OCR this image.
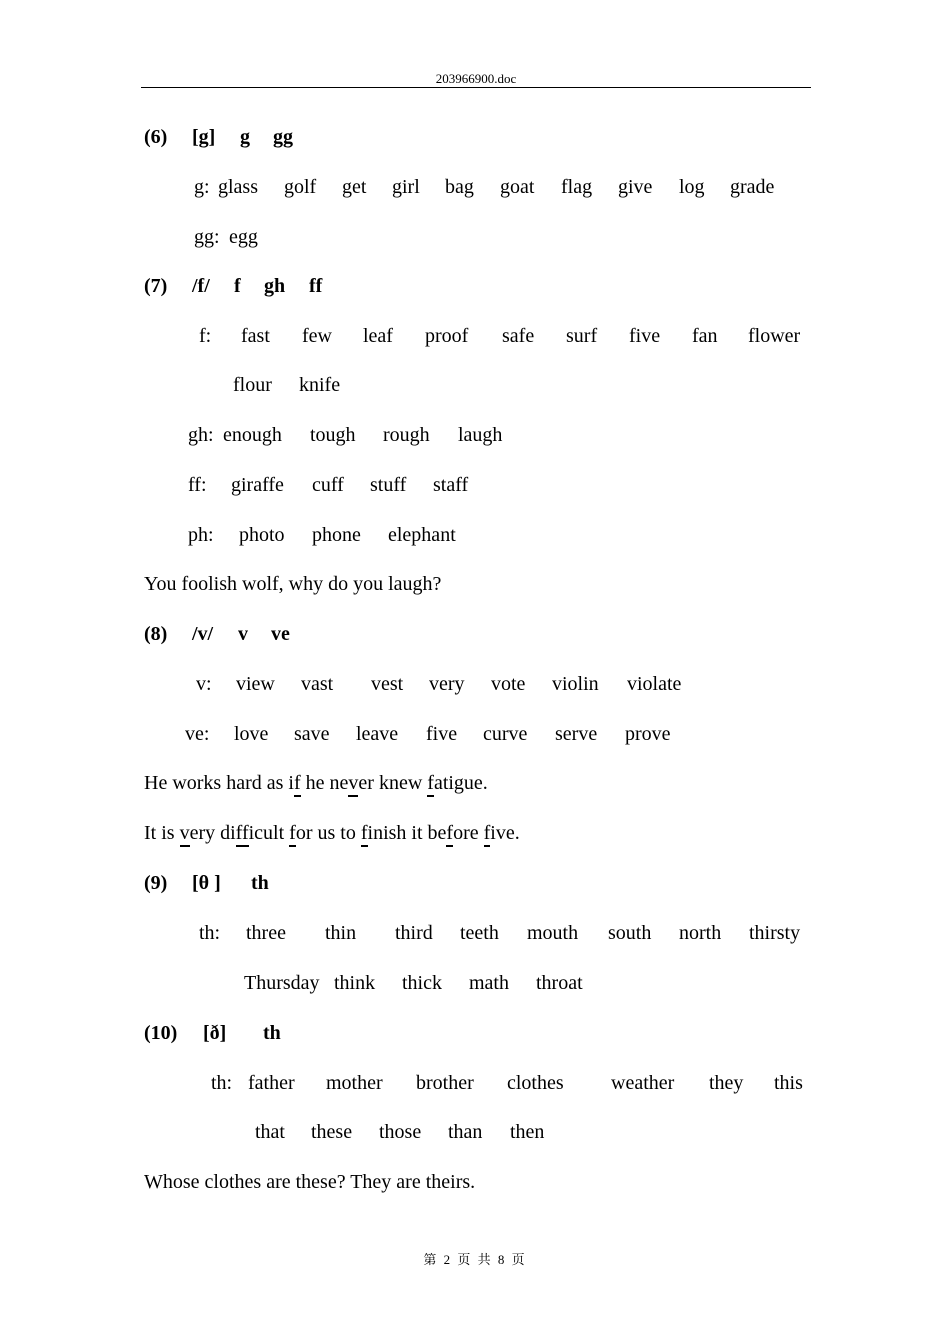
203966900.doc
(6) [g] g gg
g: glass golf get girl bag goat flag give log grade
gg: egg
(7) /f/ f gh ff
f: fast few leaf proof safe surf five fan flower
flour knife
gh: enough tough rough laugh
ff: giraffe cuff stuff staff
ph: photo phone elephant
You foolish wolf, why do you laugh?
(8) /v/ v ve
v: view vast vest very vote violin violate
ve: love save leave five curve serve prove
He works hard as if he never knew fatigue.
It is very difficult for us to finish it before five.
(9) [θ ] th
th: three thin third teeth mouth south north thirsty
Thursday think thick math throat
(10) [ð] th
th: father mother brother clothes weather they this
that these those than then
Whose clothes are these? They are theirs.
第 2 页 共 8 页
